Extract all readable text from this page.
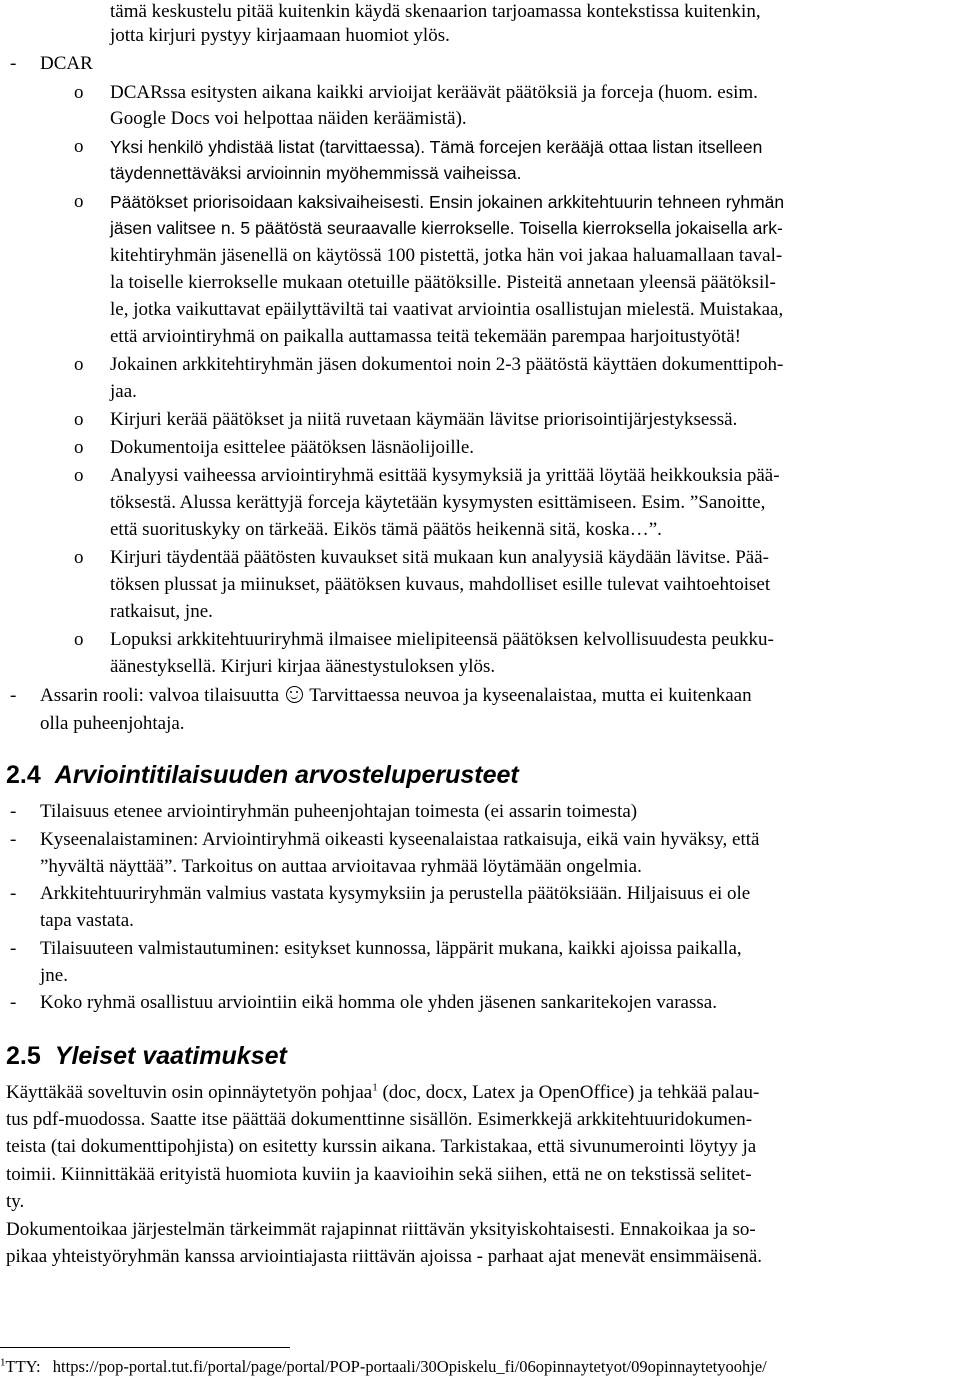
tämä keskustelu pitää kuitenkin käydä skenaarion tarjoamassa kontekstissa kuitenkin,
jotta kirjuri pystyy kirjaamaan huomiot ylös.
- DCAR
o DCARssa esitysten aikana kaikki arvioijat keräävät päätöksiä ja forceja (huom. esim.
Google Docs voi helpottaa näiden keräämistä).
o Yksi henkilö yhdistää listat (tarvittaessa). Tämä forcejen kerääjä ottaa listan itselleen
täydennettäväksi arvioinnin myöhemmissä vaiheissa.
o Päätökset priorisoidaan kaksivaiheisesti. Ensin jokainen arkkitehtuurin tehneen ryhmän
jäsen valitsee n. 5 päätöstä seuraavalle kierrokselle. Toisella kierroksella jokaisella ark-
kitehtiryhmän jäsenellä on käytössä 100 pistettä, jotka hän voi jakaa haluamallaan taval-
la toiselle kierrokselle mukaan otetuille päätöksille. Pisteitä annetaan yleensä päätöksil-
le, jotka vaikuttavat epäilyttäviltä tai vaativat arviointia osallistujan mielestä. Muistakaa,
että arviointiryhmä on paikalla auttamassa teitä tekemään parempaa harjoitustyötä!
o Jokainen arkkitehtiryhmän jäsen dokumentoi noin 2-3 päätöstä käyttäen dokumenttipoh-
jaa.
o Kirjuri kerää päätökset ja niitä ruvetaan käymään lävitse priorisointijärjestyksessä.
o Dokumentoija esittelee päätöksen läsnäolijoille.
o Analyysi vaiheessa arviointiryhmä esittää kysymyksiä ja yrittää löytää heikkouksia pää-
töksestä. Alussa kerättyjä forceja käytetään kysymysten esittämiseen. Esim. ”Sanoitte,
että suorituskyky on tärkeää. Eikös tämä päätös heikennä sitä, koska…”.
o Kirjuri täydentää päätösten kuvaukset sitä mukaan kun analyysiä käydään lävitse. Pää-
töksen plussat ja miinukset, päätöksen kuvaus, mahdolliset esille tulevat vaihtoehtoiset
ratkaisut, jne.
o Lopuksi arkkitehtuuriryhmä ilmaisee mielipiteensä päätöksen kelvollisuudesta peukku-
äänestyksellä. Kirjuri kirjaa äänestystuloksen ylös.
- Assarin rooli: valvoa tilaisuutta Tarvittaessa neuvoa ja kyseenalaistaa, mutta ei kuitenkaan
olla puheenjohtaja.
2.4 Arviointitilaisuuden arvosteluperusteet
- Tilaisuus etenee arviointiryhmän puheenjohtajan toimesta (ei assarin toimesta)
- Kyseenalaistaminen: Arviointiryhmä oikeasti kyseenalaistaa ratkaisuja, eikä vain hyväksy, että
”hyvältä näyttää”. Tarkoitus on auttaa arvioitavaa ryhmää löytämään ongelmia.
- Arkkitehtuuriryhmän valmius vastata kysymyksiin ja perustella päätöksiään. Hiljaisuus ei ole
tapa vastata.
- Tilaisuuteen valmistautuminen: esitykset kunnossa, läppärit mukana, kaikki ajoissa paikalla,
jne.
- Koko ryhmä osallistuu arviointiin eikä homma ole yhden jäsenen sankaritekojen varassa.
2.5 Yleiset vaatimukset
Käyttäkää soveltuvin osin opinnäytetyön pohjaa$^1$ (doc, docx, Latex ja OpenOffice) ja tehkää palau-
tus pdf-muodossa. Saatte itse päättää dokumenttinne sisällön. Esimerkkejä arkkitehtuuridokumen-
teista (tai dokumenttipohjista) on esitetty kurssin aikana. Tarkistakaa, että sivunumerointi löytyy ja
toimii. Kiinnittäkää erityistä huomiota kuviin ja kaavioihin sekä siihen, että ne on tekstissä selitet-
ty.
Dokumentoikaa järjestelmän tärkeimmät rajapinnat riittävän yksityiskohtaisesti. Ennakoikaa ja so-
pikaa yhteistyöryhmän kanssa arviointiajasta riittävän ajoissa - parhaat ajat menevät ensimmäisenä.
$^1$TTY: https://pop-portal.tut.fi/portal/page/portal/POP-portaali/30Opiskelu_fi/06opinnaytetyot/09opinnaytetyoohje/
